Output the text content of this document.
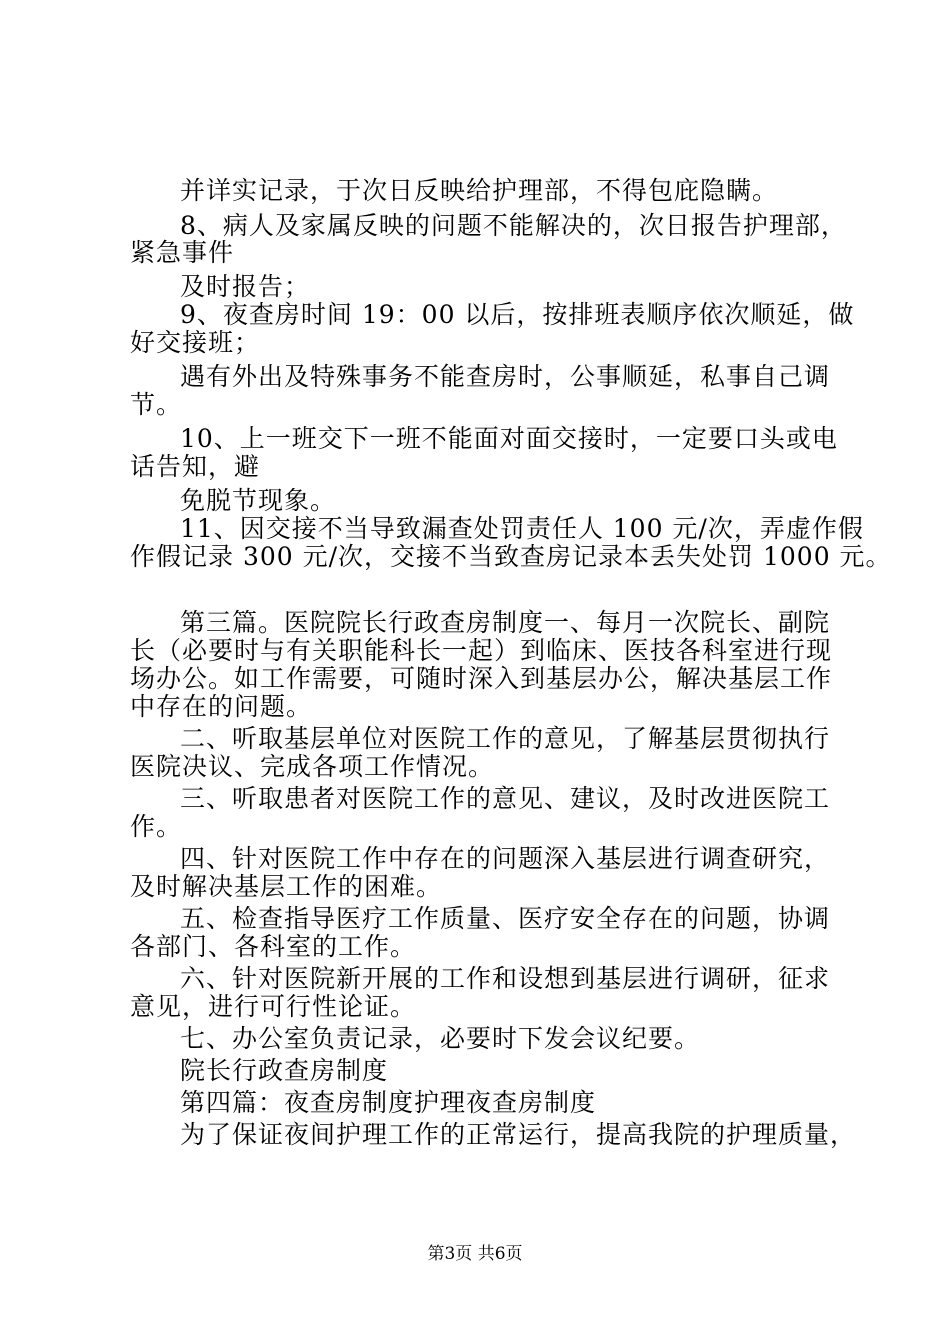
并详实记录，于次日反映给护理部，不得包庇隐瞒。
8、病人及家属反映的问题不能解决的，次日报告护理部，
紧急事件
及时报告；
9、夜查房时间 19：00 以后，按排班表顺序依次顺延，做
好交接班；
遇有外出及特殊事务不能查房时，公事顺延，私事自己调
节。
10、上一班交下一班不能面对面交接时，一定要口头或电
话告知，避
免脱节现象。
11、因交接不当导致漏查处罚责任人 100 元/次，弄虚作假
作假记录 300 元/次，交接不当致查房记录本丢失处罚 1000 元。
第三篇。医院院长行政查房制度一、每月一次院长、副院
长（必要时与有关职能科长一起）到临床、医技各科室进行现
场办公。如工作需要，可随时深入到基层办公，解决基层工作
中存在的问题。
二、听取基层单位对医院工作的意见，了解基层贯彻执行
医院决议、完成各项工作情况。
三、听取患者对医院工作的意见、建议，及时改进医院工
作。
四、针对医院工作中存在的问题深入基层进行调查研究，
及时解决基层工作的困难。
五、检查指导医疗工作质量、医疗安全存在的问题，协调
各部门、各科室的工作。
六、针对医院新开展的工作和设想到基层进行调研，征求
意见，进行可行性论证。
七、办公室负责记录，必要时下发会议纪要。
院长行政查房制度
第四篇：夜查房制度护理夜查房制度
为了保证夜间护理工作的正常运行，提高我院的护理质量，
第3页 共6页
